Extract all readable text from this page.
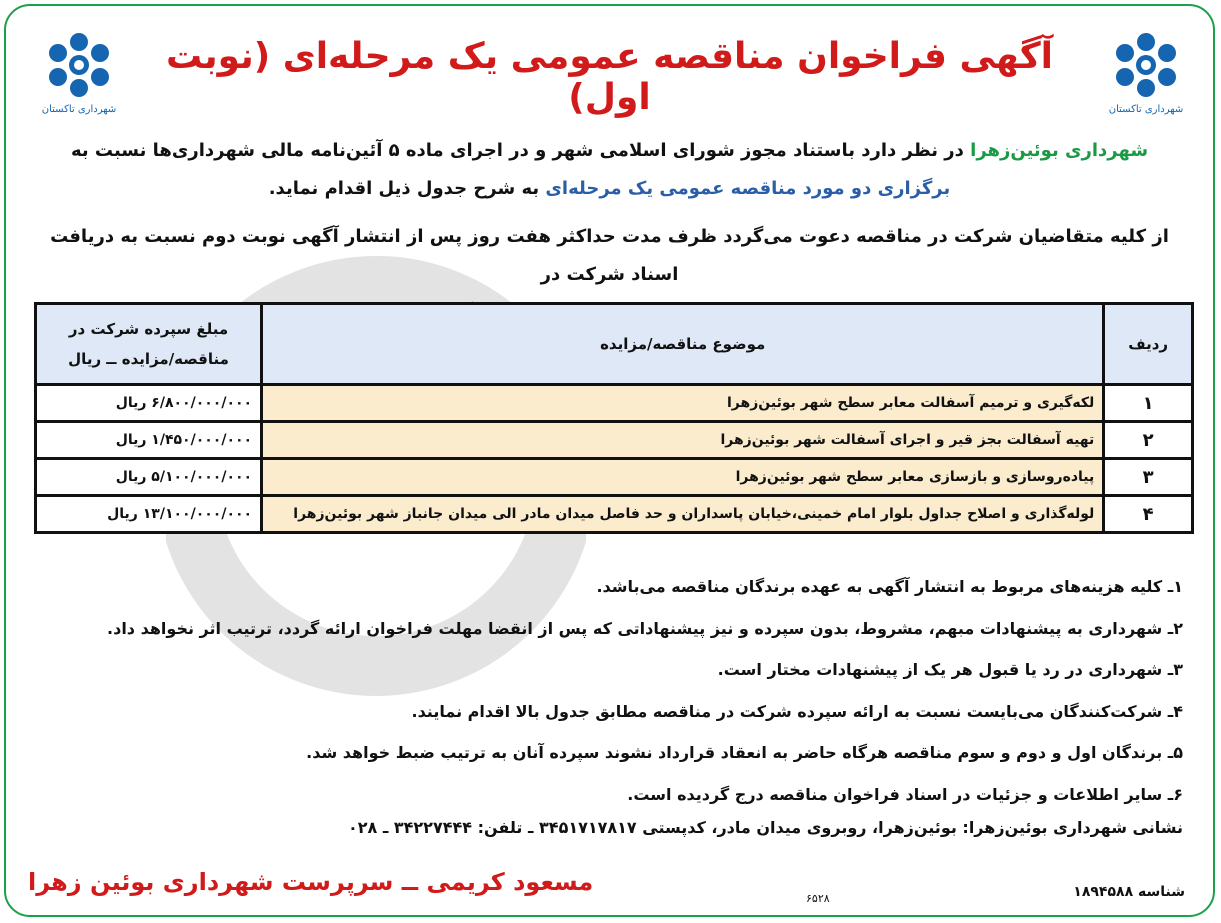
شهرداری تاکستان
شهرداری تاکستان
آگهی فراخوان مناقصه عمومی یک مرحله‌ای (نوبت اول)
شهرداری بوئین‌زهرا در نظر دارد باستناد مجوز شورای اسلامی شهر و در اجرای ماده ۵ آئین‌نامه مالی شهرداری‌ها نسبت به
برگزاری دو مورد مناقصه عمومی یک مرحله‌ای به شرح جدول ذیل اقدام نماید.
از کلیه متقاضیان شرکت در مناقصه دعوت می‌گردد ظرف مدت حداکثر هفت روز پس از انتشار آگهی نوبت دوم نسبت به دریافت اسناد شرکت در

ردیف	موضوع مناقصه/مزایده	مبلغ سپرده شرکت در
مناقصه/مزایده ــ ریال
۱	لکه‌گیری و ترمیم آسفالت معابر سطح شهر بوئین‌زهرا	۶/۸۰۰/۰۰۰/۰۰۰ ریال
۲	تهیه آسفالت بجز قیر و اجرای آسفالت شهر بوئین‌زهرا	۱/۴۵۰/۰۰۰/۰۰۰ ریال
۳	پیاده‌روسازی و بازسازی معابر سطح شهر بوئین‌زهرا	۵/۱۰۰/۰۰۰/۰۰۰ ریال
۴	لوله‌گذاری و اصلاح جداول بلوار امام خمینی،خیابان پاسداران و حد فاصل میدان مادر الی میدان جانباز شهر بوئین‌زهرا	۱۳/۱۰۰/۰۰۰/۰۰۰ ریال
۱ـ کلیه هزینه‌های مربوط به انتشار آگهی به عهده برندگان مناقصه می‌باشد.
۲ـ شهرداری به پیشنهادات مبهم، مشروط، بدون سپرده و نیز پیشنهاداتی که پس از انقضا مهلت فراخوان ارائه گردد، ترتیب اثر نخواهد داد.
۳ـ شهرداری در رد یا قبول هر یک از پیشنهادات مختار است.
۴ـ شرکت‌کنندگان می‌بایست نسبت به ارائه سپرده شرکت در مناقصه مطابق جدول بالا اقدام نمایند.
۵ـ برندگان اول و دوم و سوم مناقصه هرگاه حاضر به انعقاد قرارداد نشوند سپرده آنان به ترتیب ضبط خواهد شد.
۶ـ سایر اطلاعات و جزئیات در اسناد فراخوان مناقصه درج گردیده است.
نشانی شهرداری بوئین‌زهرا: بوئین‌زهرا، روبروی میدان مادر، کدپستی ۳۴۵۱۷۱۷۸۱۷ ـ تلفن: ۳۴۲۲۷۴۴۴ ـ ۰۲۸
مسعود کریمی ــ سرپرست شهرداری بوئین زهرا
۶۵۲۸	شناسه ۱۸۹۴۵۸۸
